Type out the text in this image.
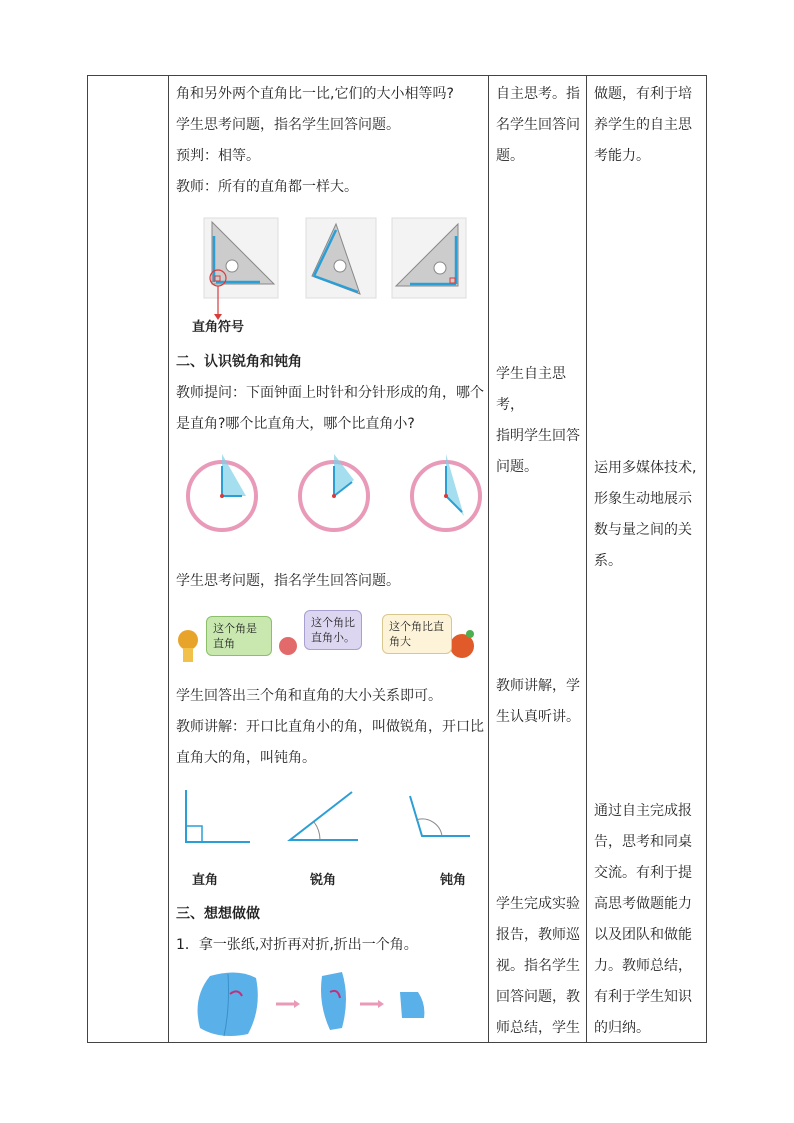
角和另外两个直角比一比,它们的大小相等吗?

学生思考问题，指名学生回答问题。

预判：相等。

教师：所有的直角都一样大。

直角符号

二、认识锐角和钝角

教师提问：下面钟面上时针和分针形成的角，哪个

是直角?哪个比直角大，哪个比直角小?

学生思考问题，指名学生回答问题。

这个角是直角
这个角比直角小。
这个角比直角大

学生回答出三个角和直角的大小关系即可。

教师讲解：开口比直角小的角，叫做锐角，开口比

直角大的角，叫钝角。

直角	锐角	钝角

三、想想做做

1．拿一张纸,对折再对折,折出一个角。

自主思考。指
名学生回答问
题。
学生自主思考，
指明学生回答
问题。
教师讲解，学
生认真听讲。
学生完成实验
报告，教师巡
视。指名学生
回答问题，教
师总结，学生
做题，有利于培
养学生的自主思
考能力。
运用多媒体技术,
形象生动地展示
数与量之间的关
系。
通过自主完成报
告，思考和同桌
交流。有利于提
高思考做题能力
以及团队和做能
力。教师总结，
有利于学生知识
的归纳。
